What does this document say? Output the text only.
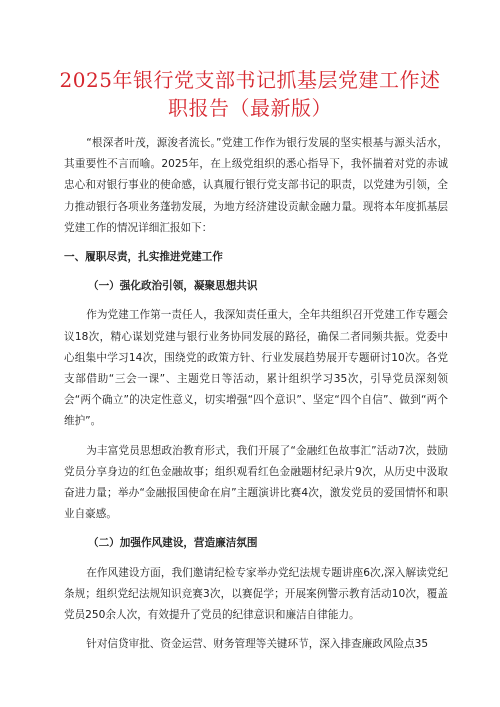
2025年银行党支部书记抓基层党建工作述
职报告（最新版）

“根深者叶茂，源浚者流长。”党建工作作为银行发展的坚实根基与源头活水，其重要性不言而喻。2025年，在上级党组织的悉心指导下，我怀揣着对党的赤诚忠心和对银行事业的使命感，认真履行银行党支部书记的职责，以党建为引领，全力推动银行各项业务蓬勃发展，为地方经济建设贡献金融力量。现将本年度抓基层党建工作的情况详细汇报如下：

一、履职尽责，扎实推进党建工作

（一）强化政治引领，凝聚思想共识

作为党建工作第一责任人，我深知责任重大，全年共组织召开党建工作专题会议18次，精心谋划党建与银行业务协同发展的路径，确保二者同频共振。党委中心组集中学习14次，围绕党的政策方针、行业发展趋势展开专题研讨10次。各党支部借助“三会一课”、主题党日等活动，累计组织学习35次，引导党员深刻领会“两个确立”的决定性意义，切实增强“四个意识”、坚定“四个自信”、做到“两个维护”。

为丰富党员思想政治教育形式，我们开展了“金融红色故事汇”活动7次，鼓励党员分享身边的红色金融故事；组织观看红色金融题材纪录片9次，从历史中汲取奋进力量；举办“金融报国使命在肩”主题演讲比赛4次，激发党员的爱国情怀和职业自豪感。

（二）加强作风建设，营造廉洁氛围

在作风建设方面，我们邀请纪检专家举办党纪法规专题讲座6次,深入解读党纪条规；组织党纪法规知识竞赛3次，以赛促学；开展案例警示教育活动10次，覆盖党员250余人次，有效提升了党员的纪律意识和廉洁自律能力。

针对信贷审批、资金运营、财务管理等关键环节，深入排查廉政风险点35
